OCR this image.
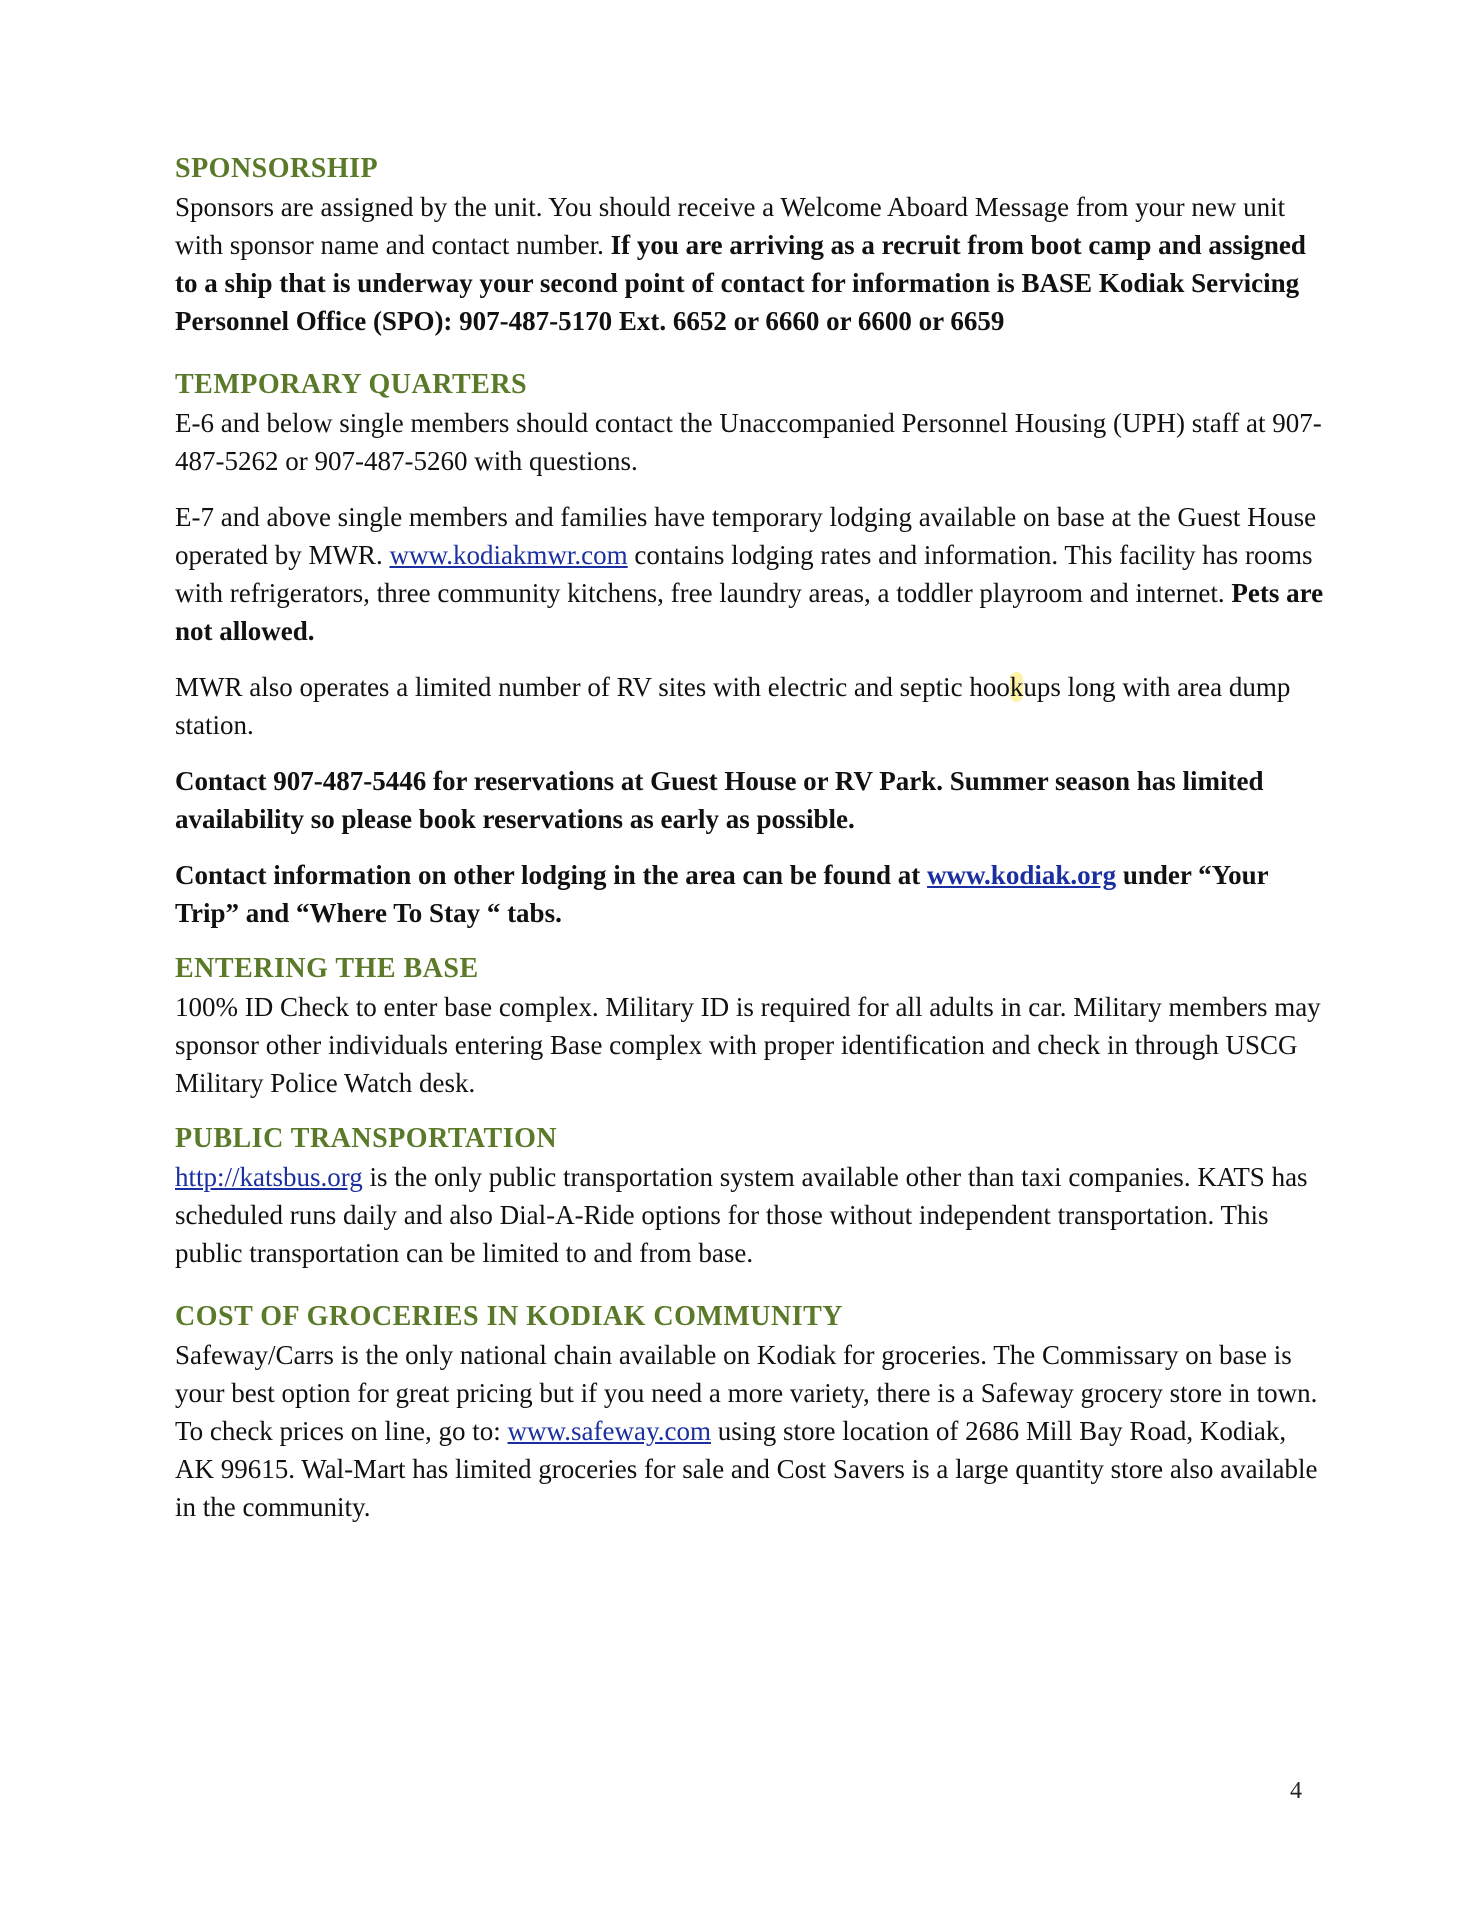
SPONSORSHIP

Sponsors are assigned by the unit. You should receive a Welcome Aboard Message from your new unit with sponsor name and contact number. If you are arriving as a recruit from boot camp and assigned to a ship that is underway your second point of contact for information is BASE Kodiak Servicing Personnel Office (SPO): 907-487-5170 Ext. 6652 or 6660 or 6600 or 6659

TEMPORARY QUARTERS

E-6 and below single members should contact the Unaccompanied Personnel Housing (UPH) staff at 907-487-5262 or 907-487-5260 with questions.

E-7 and above single members and families have temporary lodging available on base at the Guest House operated by MWR. www.kodiakmwr.com contains lodging rates and information. This facility has rooms with refrigerators, three community kitchens, free laundry areas, a toddler playroom and internet. Pets are not allowed.

MWR also operates a limited number of RV sites with electric and septic hookups long with area dump station.

Contact 907-487-5446 for reservations at Guest House or RV Park. Summer season has limited availability so please book reservations as early as possible.

Contact information on other lodging in the area can be found at www.kodiak.org under “Your Trip” and “Where To Stay “ tabs.

ENTERING THE BASE

100% ID Check to enter base complex. Military ID is required for all adults in car. Military members may sponsor other individuals entering Base complex with proper identification and check in through USCG Military Police Watch desk.

PUBLIC TRANSPORTATION

http://katsbus.org is the only public transportation system available other than taxi companies. KATS has scheduled runs daily and also Dial-A-Ride options for those without independent transportation. This public transportation can be limited to and from base.

COST OF GROCERIES IN KODIAK COMMUNITY

Safeway/Carrs is the only national chain available on Kodiak for groceries. The Commissary on base is your best option for great pricing but if you need a more variety, there is a Safeway grocery store in town. To check prices on line, go to: www.safeway.com using store location of 2686 Mill Bay Road, Kodiak, AK 99615. Wal-Mart has limited groceries for sale and Cost Savers is a large quantity store also available in the community.

4
